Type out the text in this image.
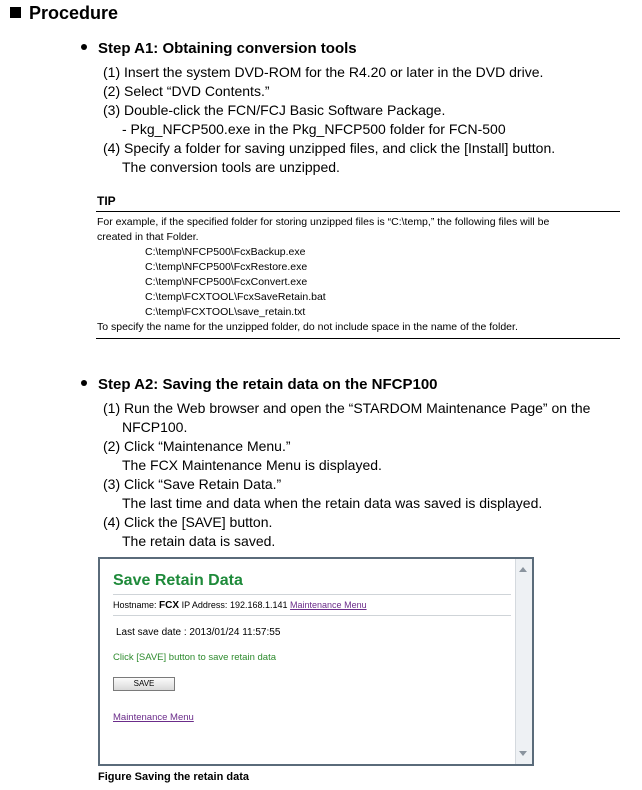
Procedure
Step A1: Obtaining conversion tools
(1) Insert the system DVD-ROM for the R4.20 or later in the DVD drive.
(2) Select “DVD Contents.”
(3) Double-click the FCN/FCJ Basic Software Package.
- Pkg_NFCP500.exe in the Pkg_NFCP500 folder for FCN-500
(4) Specify a folder for saving unzipped files, and click the [Install] button.
The conversion tools are unzipped.
TIP
For example, if the specified folder for storing unzipped files is “C:\temp,” the following files will be
created in that Folder.
C:\temp\NFCP500\FcxBackup.exe
C:\temp\NFCP500\FcxRestore.exe
C:\temp\NFCP500\FcxConvert.exe
C:\temp\FCXTOOL\FcxSaveRetain.bat
C:\temp\FCXTOOL\save_retain.txt
To specify the name for the unzipped folder, do not include space in the name of the folder.
Step A2: Saving the retain data on the NFCP100
(1) Run the Web browser and open the “STARDOM Maintenance Page” on the
NFCP100.
(2) Click “Maintenance Menu.”
The FCX Maintenance Menu is displayed.
(3) Click “Save Retain Data.”
The last time and data when the retain data was saved is displayed.
(4) Click the [SAVE] button.
The retain data is saved.
Save Retain Data
Hostname: FCX IP Address: 192.168.1.141 Maintenance Menu
Last save date : 2013/01/24 11:57:55
Click [SAVE] button to save retain data
SAVE
Maintenance Menu
Figure Saving the retain data
